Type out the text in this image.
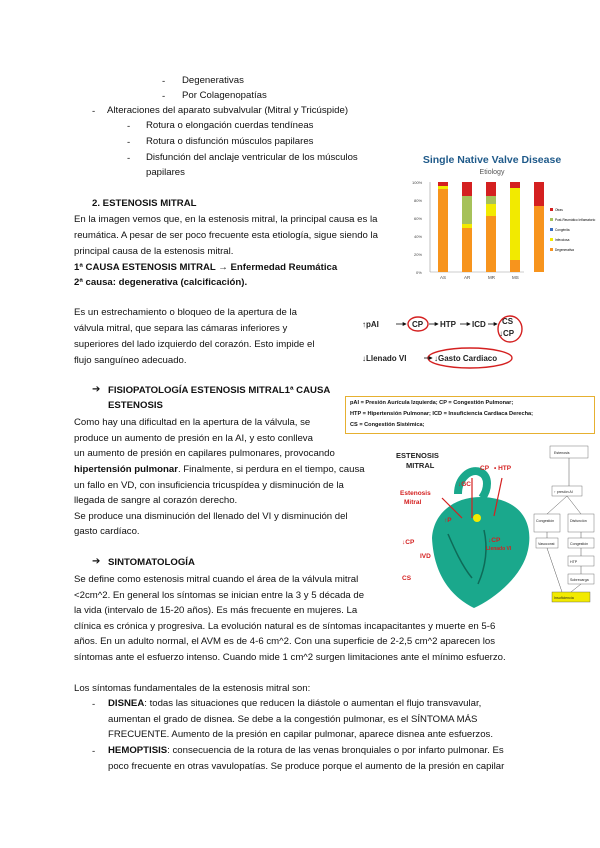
- Degenerativas
- Por Colagenopatías
- Alteraciones del aparato subvalvular (Mitral y Tricúspide)
- Rotura o elongación cuerdas tendíneas
- Rotura o disfunción músculos papilares
- Disfunción del anclaje ventricular de los músculos
papilares
2. ESTENOSIS MITRAL
En la imagen vemos que, en la estenosis mitral, la principal causa es la
reumática. A pesar de ser poco frecuente esta etiología, sigue siendo la
principal causa de la estenosis mitral.
1ª CAUSA ESTENOSIS MITRAL → Enfermedad Reumática
2ª causa: degenerativa (calcificación).
Es un estrechamiento o bloqueo de la apertura de la
válvula mitral, que separa las cámaras inferiores y
superiores del lado izquierdo del corazón. Esto impide el
flujo sanguíneo adecuado.
➔ FISIOPATOLOGÍA ESTENOSIS MITRAL1ª CAUSA
ESTENOSIS
Como hay una dificultad en la apertura de la válvula, se
produce un aumento de presión en la AI, y esto conlleva
un aumento de presión en capilares pulmonares, provocando
hipertensión pulmonar. Finalmente, si perdura en el tiempo, causa
un fallo en VD, con insuficiencia tricuspídea y disminución de la
llegada de sangre al corazón derecho.
Se produce una disminución del llenado del VI y disminución del
gasto cardíaco.
➔ SINTOMATOLOGÍA
Se define como estenosis mitral cuando el área de la válvula mitral
<2cm^2. En general los síntomas se inician entre la 3 y 5 década de
la vida (intervalo de 15-20 años). Es más frecuente en mujeres. La
clínica es crónica y progresiva. La evolución natural es de síntomas incapacitantes y muerte en 5-6
años. En un adulto normal, el AVM es de 4-6 cm^2. Con una superficie de 2-2,5 cm^2 aparecen los
síntomas ante el esfuerzo intenso. Cuando mide 1 cm^2 surgen limitaciones ante el mínimo esfuerzo.
Los síntomas fundamentales de la estenosis mitral son:
- DISNEA: todas las situaciones que reducen la diástole o aumentan el flujo transvavular,
aumentan el grado de disnea. Se debe a la congestión pulmonar, es el SÍNTOMA MÁS
FRECUENTE. Aumento de la presión en capilar pulmonar, aparece disnea ante esfuerzos.
- HEMOPTISIS: consecuencia de la rotura de las venas bronquiales o por infarto pulmonar. Es
poco frecuente en otras vavulopatías. Se produce porque el aumento de la presión en capilar
Single Native Valve Disease
Etiology
100%
80%
60%
40%
20%
0%
AS	AR	MR	MS
Otras
Post-Reumático Inflamatorio
Congénita
Infecciosa
Degenerativa
↑pAI	CP HTP ICD CS
↓CP
↓Llenado VI	↓Gasto Cardiaco
pAI = Presión Aurícula Izquierda; CP = Congestión Pulmonar;
HTP = Hipertensión Pulmonar; ICD = Insuficiencia Cardiaca Derecha;
CS = Congestión Sistémica;
ESTENOSIS
MITRAL	CP • HTP
Estenosis
Mitral
↓GC
↓CP	↓CP
Llenado VI
IVD
CS
↑P
Estenosis
↑ presión AI
Congestión	Disfunción
Vasoconst	Congestión
HTP
Sobrecarga
Insuficiencia
